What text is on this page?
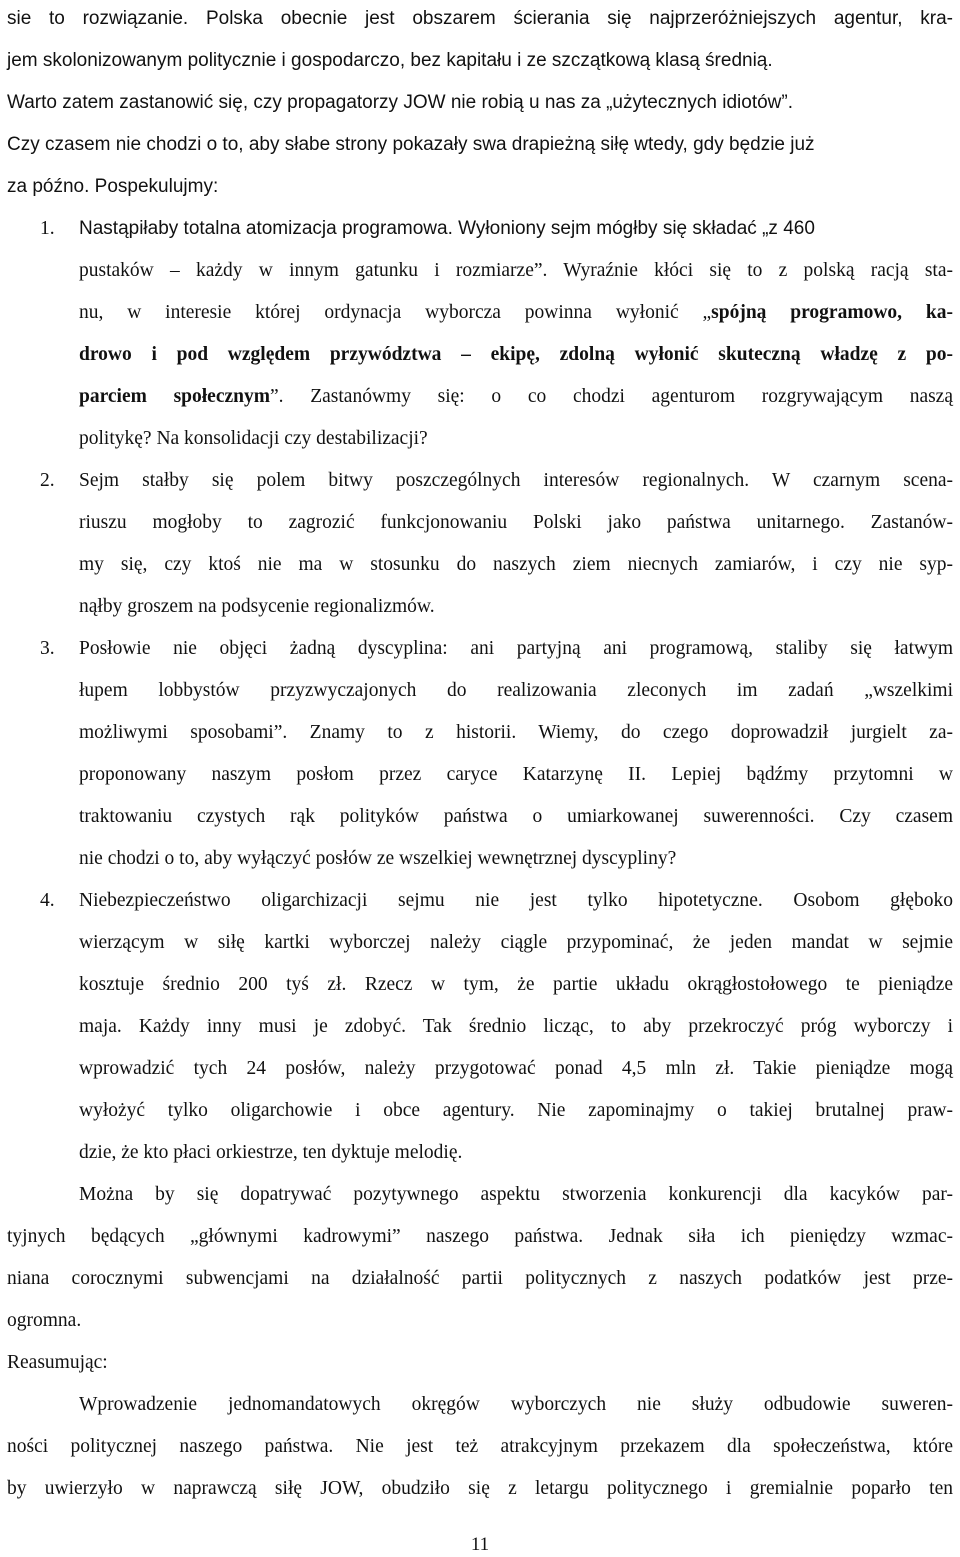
sie to rozwiązanie. Polska obecnie jest obszarem ścierania się najprzeróżniejszych agentur, kra-
jem skolonizowanym politycznie i gospodarczo, bez kapitału i ze szczątkową klasą średnią.
Warto zatem zastanowić się, czy propagatorzy JOW nie robią u nas za „użytecznych idiotów”.
Czy czasem nie chodzi o to, aby słabe strony pokazały swa drapieżną siłę wtedy, gdy będzie już
za późno. Pospekulujmy:
1. Nastąpiłaby totalna atomizacja programowa. Wyłoniony sejm mógłby się składać „z 460
pustaków – każdy w innym gatunku i rozmiarze”. Wyraźnie kłóci się to z polską racją sta-
nu, w interesie której ordynacja wyborcza powinna wyłonić „spójną programowo, ka-
drowo i pod względem przywództwa – ekipę, zdolną wyłonić skuteczną władzę z po-
parciem społecznym”. Zastanówmy się: o co chodzi agenturom rozgrywającym naszą
politykę? Na konsolidacji czy destabilizacji?
2. Sejm stałby się polem bitwy poszczególnych interesów regionalnych. W czarnym scena-
riuszu mogłoby to zagrozić funkcjonowaniu Polski jako państwa unitarnego. Zastanów-
my się, czy ktoś nie ma w stosunku do naszych ziem niecnych zamiarów, i czy nie syp-
nąłby groszem na podsycenie regionalizmów.
3. Posłowie nie objęci żadną dyscyplina: ani partyjną ani programową, staliby się łatwym
łupem lobbystów przyzwyczajonych do realizowania zleconych im zadań „wszelkimi
możliwymi sposobami”. Znamy to z historii. Wiemy, do czego doprowadził jurgielt za-
proponowany naszym posłom przez caryce Katarzynę II. Lepiej bądźmy przytomni w
traktowaniu czystych rąk polityków państwa o umiarkowanej suwerenności. Czy czasem
nie chodzi o to, aby wyłączyć posłów ze wszelkiej wewnętrznej dyscypliny?
4. Niebezpieczeństwo oligarchizacji sejmu nie jest tylko hipotetyczne. Osobom głęboko
wierzącym w siłę kartki wyborczej należy ciągle przypominać, że jeden mandat w sejmie
kosztuje średnio 200 tyś zł. Rzecz w tym, że partie układu okrągłostołowego te pieniądze
maja. Każdy inny musi je zdobyć. Tak średnio licząc, to aby przekroczyć próg wyborczy i
wprowadzić tych 24 posłów, należy przygotować ponad 4,5 mln zł. Takie pieniądze mogą
wyłożyć tylko oligarchowie i obce agentury. Nie zapominajmy o takiej brutalnej praw-
dzie, że kto płaci orkiestrze, ten dyktuje melodię.
Można by się dopatrywać pozytywnego aspektu stworzenia konkurencji dla kacyków par-
tyjnych będących „głównymi kadrowymi” naszego państwa. Jednak siła ich pieniędzy wzmac-
niana corocznymi subwencjami na działalność partii politycznych z naszych podatków jest prze-
ogromna.
Reasumując:
Wprowadzenie jednomandatowych okręgów wyborczych nie służy odbudowie suweren-
ności politycznej naszego państwa. Nie jest też atrakcyjnym przekazem dla społeczeństwa, które
by uwierzyło w naprawczą siłę JOW, obudziło się z letargu politycznego i gremialnie poparło ten
11
